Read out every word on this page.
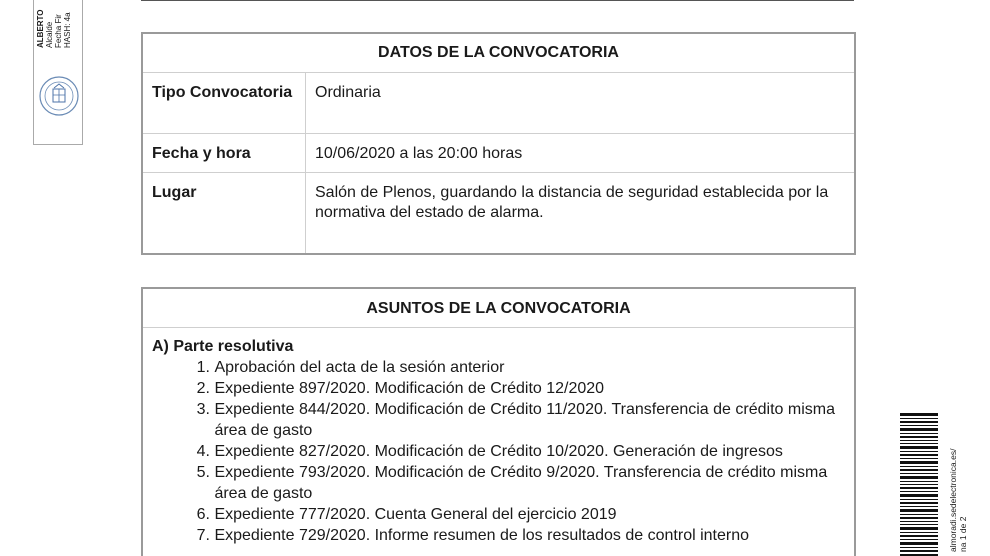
ALBERTO Alcalde Fecha Fir HASH: 4a
almoradi.sedelectronica.es/ na 1 de 2
DATOS DE LA CONVOCATORIA
Tipo Convocatoria	Ordinaria
Fecha y hora	10/06/2020 a las 20:00 horas
Lugar	Salón de Plenos, guardando la distancia de seguridad establecida por la normativa del estado de alarma.
ASUNTOS DE LA CONVOCATORIA
A) Parte resolutiva
1.
Aprobación del acta de la sesión anterior
2.
Expediente 897/2020. Modificación de Crédito 12/2020
3.
Expediente 844/2020. Modificación de Crédito 11/2020. Transferencia de crédito misma área de gasto
4.
Expediente 827/2020. Modificación de Crédito 10/2020. Generación de ingresos
5.
Expediente 793/2020. Modificación de Crédito 9/2020. Transferencia de crédito misma área de gasto
6.
Expediente 777/2020. Cuenta General del ejercicio 2019
7.
Expediente 729/2020. Informe resumen de los resultados de control interno
